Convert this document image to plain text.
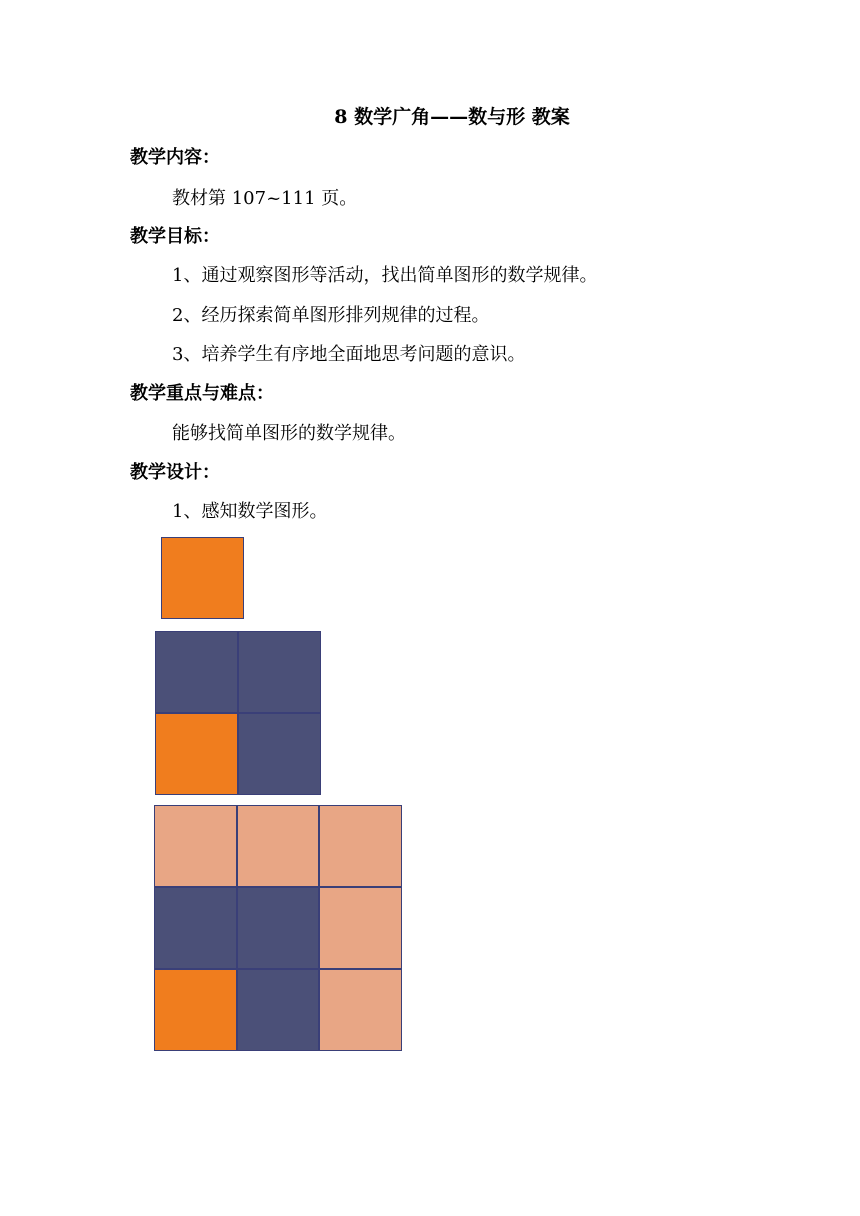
8 数学广角——数与形 教案
教学内容：
教材第 107~111 页。
教学目标：
1、通过观察图形等活动，找出简单图形的数学规律。
2、经历探索简单图形排列规律的过程。
3、培养学生有序地全面地思考问题的意识。
教学重点与难点：
能够找简单图形的数学规律。
教学设计：
1、感知数学图形。
